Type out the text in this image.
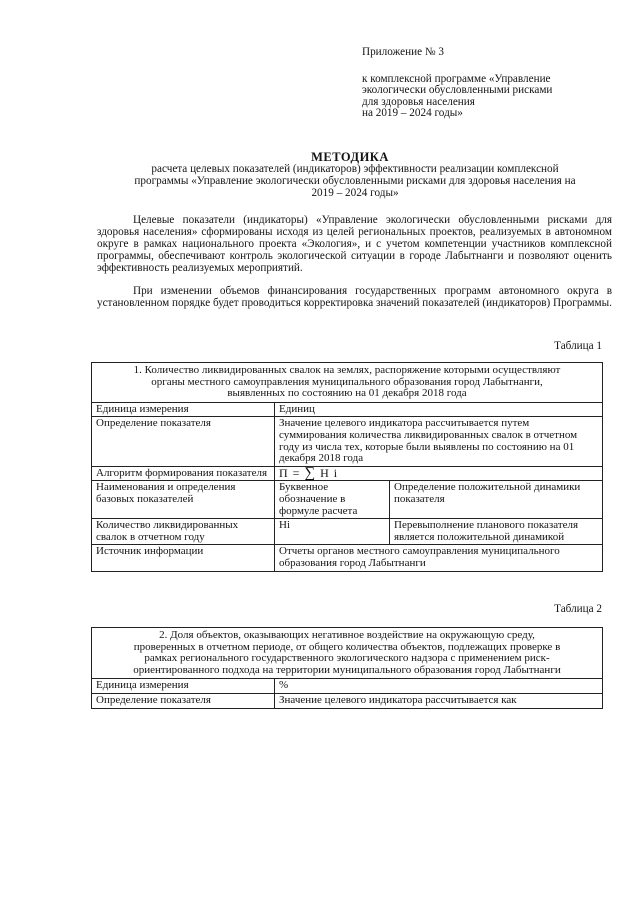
Приложение № 3
к комплексной программе «Управление
экологически обусловленными рисками
для здоровья населения
на 2019 – 2024 годы»
МЕТОДИКА
расчета целевых показателей (индикаторов) эффективности реализации комплексной
программы «Управление экологически обусловленными рисками для здоровья населения на
2019 – 2024 годы»
Целевые показатели (индикаторы) «Управление экологически обусловленными рисками для здоровья населения» сформированы исходя из целей региональных проектов, реализуемых в автономном округе в рамках национального проекта «Экология», и с учетом компетенции участников комплексной программы, обеспечивают контроль экологической ситуации в городе Лабытнанги и позволяют оценить эффективность реализуемых мероприятий.
При изменении объемов финансирования государственных программ автономного округа в установленном порядке будет проводиться корректировка значений показателей (индикаторов) Программы.
Таблица 1
1. Количество ликвидированных свалок на землях, распоряжение которыми осуществляют
органы местного самоуправления муниципального образования город Лабытнанги,
выявленных по состоянию на 01 декабря 2018 года		

Единица измерения	Единиц	
Определение показателя	Значение целевого индикатора рассчитывается путем суммирования количества ликвидированных свалок в отчетном году из числа тех, которые были выявлены по состоянию на 01 декабря 2018 года	
Алгоритм формирования показателя	П = ∑ Н i	

Наименования и определения базовых показателей	Буквенное обозначение в формуле расчета	Определение положительной динамики показателя
Количество ликвидированных свалок в отчетном году	Hi	Перевыполнение планового показателя является положительной динамикой
Источник информации	Отчеты органов местного самоуправления муниципального образования город Лабытнанги	
Таблица 2
2. Доля объектов, оказывающих негативное воздействие на окружающую среду,
проверенных в отчетном периоде, от общего количества объектов, подлежащих проверке в
рамках регионального государственного экологического надзора с применением риск-
ориентированного подхода на территории муниципального образования город Лабытнанги	

Единица измерения	%
Определение показателя	Значение целевого индикатора рассчитывается как
